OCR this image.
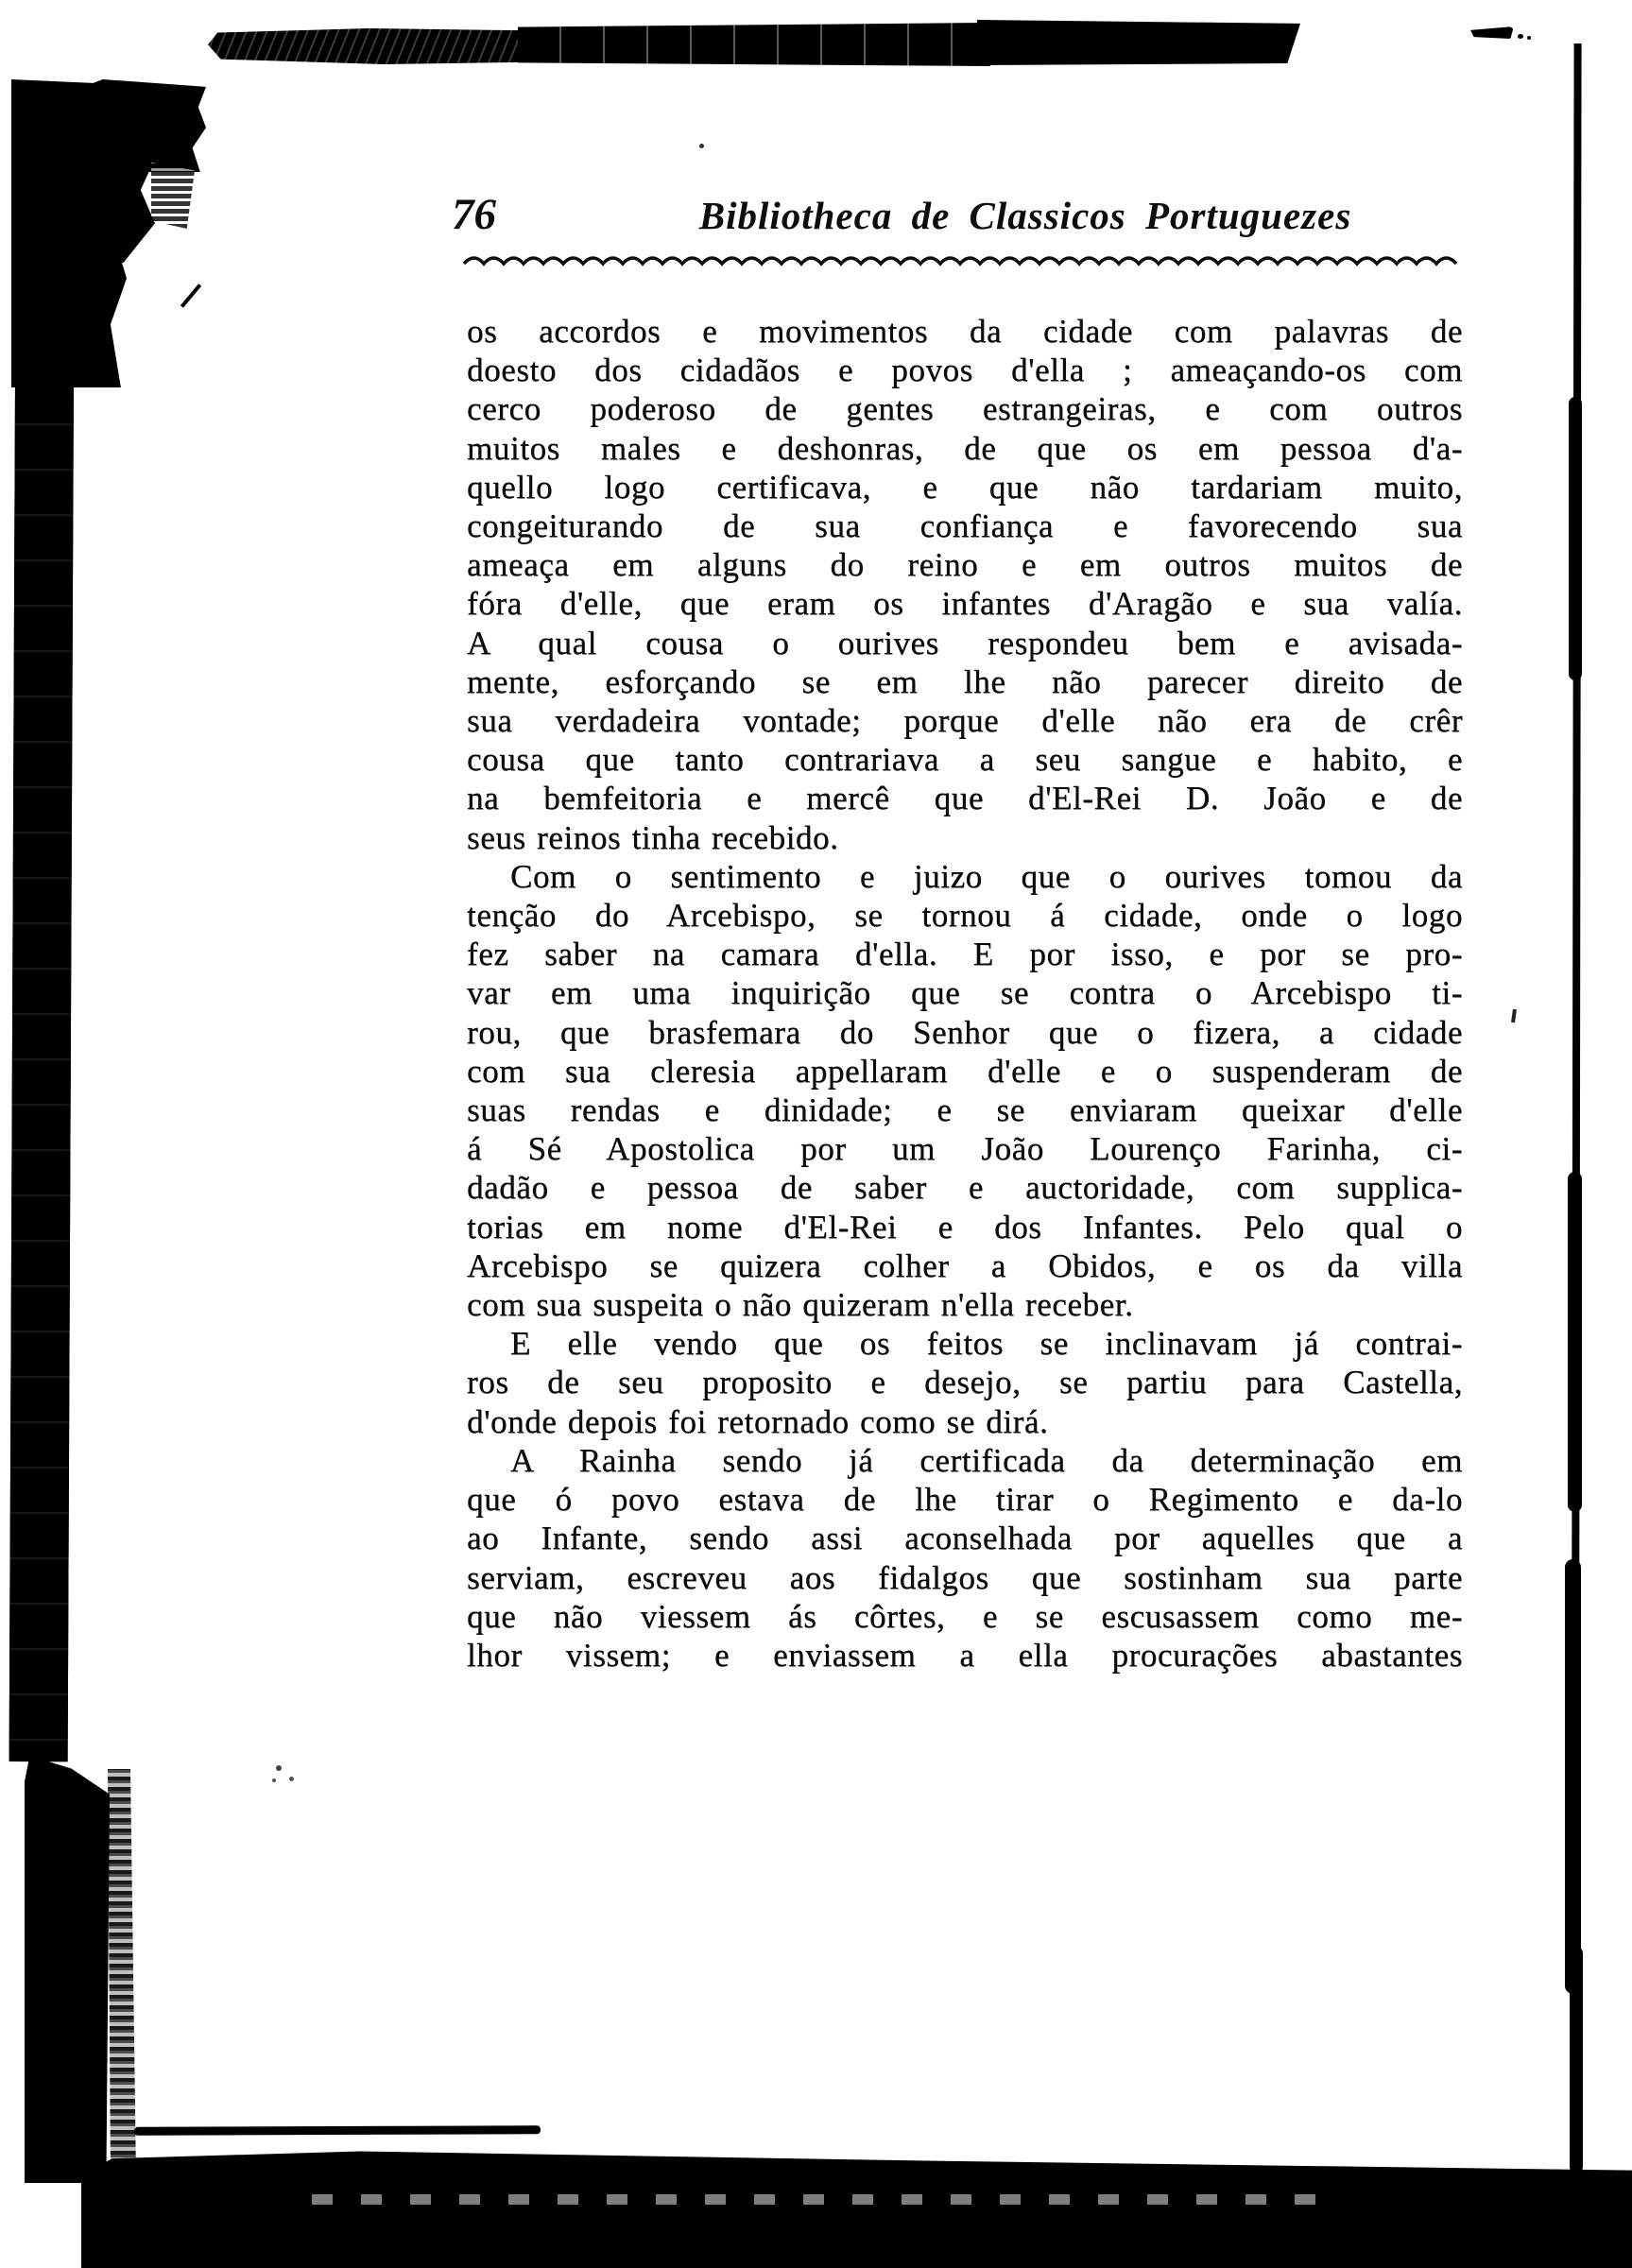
76	Bibliotheca de Classicos Portuguezes
os accordos e movimentos da cidade com palavras de
doesto dos cidadãos e povos d'ella ; ameaçando-os com
cerco poderoso de gentes estrangeiras, e com outros
muitos males e deshonras, de que os em pessoa d'a-
quello logo certificava, e que não tardariam muito,
congeiturando de sua confiança e favorecendo sua
ameaça em alguns do reino e em outros muitos de
fóra d'elle, que eram os infantes d'Aragão e sua valía.
A qual cousa o ourives respondeu bem e avisada-
mente, esforçando se em lhe não parecer direito de
sua verdadeira vontade; porque d'elle não era de crêr
cousa que tanto contrariava a seu sangue e habito, e
na bemfeitoria e mercê que d'El-Rei D. João e de
seus reinos tinha recebido.
Com o sentimento e juizo que o ourives tomou da
tenção do Arcebispo, se tornou á cidade, onde o logo
fez saber na camara d'ella. E por isso, e por se pro-
var em uma inquirição que se contra o Arcebispo ti-
rou, que brasfemara do Senhor que o fizera, a cidade
com sua cleresia appellaram d'elle e o suspenderam de
suas rendas e dinidade; e se enviaram queixar d'elle
á Sé Apostolica por um João Lourenço Farinha, ci-
dadão e pessoa de saber e auctoridade, com supplica-
torias em nome d'El-Rei e dos Infantes. Pelo qual o
Arcebispo se quizera colher a Obidos, e os da villa
com sua suspeita o não quizeram n'ella receber.
E elle vendo que os feitos se inclinavam já contrai-
ros de seu proposito e desejo, se partiu para Castella,
d'onde depois foi retornado como se dirá.
A Rainha sendo já certificada da determinação em
que ó povo estava de lhe tirar o Regimento e da-lo
ao Infante, sendo assi aconselhada por aquelles que a
serviam, escreveu aos fidalgos que sostinham sua parte
que não viessem ás côrtes, e se escusassem como me-
lhor vissem; e enviassem a ella procurações abastantes
